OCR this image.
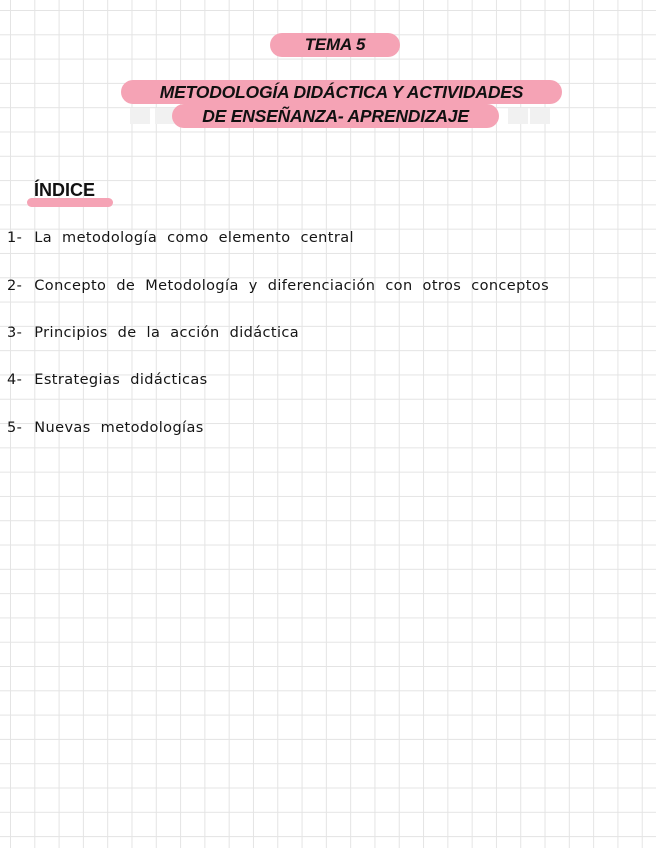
TEMA 5
METODOLOGÍA DIDÁCTICA Y ACTIVIDADES
DE ENSEÑANZA- APRENDIZAJE
ÍNDICE
1- La metodología como elemento central
2- Concepto de Metodología y diferenciación con otros conceptos
3- Principios de la acción didáctica
4- Estrategias didácticas
5- Nuevas metodologías
